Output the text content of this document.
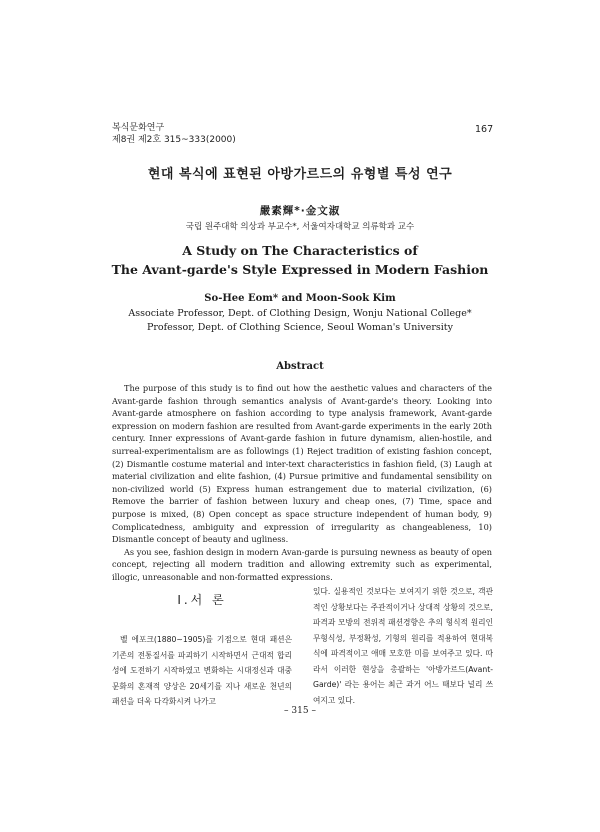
복식문화연구
제8권 제2호 315~333(2000)
167
현대 복식에 표현된 아방가르드의 유형별 특성 연구
嚴素輝*·金文淑
국립 원주대학 의상과 부교수*, 서울여자대학교 의류학과 교수
A Study on The Characteristics of
The Avant-garde's Style Expressed in Modern Fashion
So-Hee Eom* and Moon-Sook Kim
Associate Professor, Dept. of Clothing Design, Wonju National College*
Professor, Dept. of Clothing Science, Seoul Woman's University
Abstract

The purpose of this study is to find out how the aesthetic values and characters of the Avant-garde fashion through semantics analysis of Avant-garde's theory. Looking into Avant-garde atmosphere on fashion according to type analysis framework, Avant-garde expression on modern fashion are resulted from Avant-garde experiments in the early 20th century. Inner expressions of Avant-garde fashion in future dynamism, alien-hostile, and surreal-experimentalism are as followings (1) Reject tradition of existing fashion concept, (2) Dismantle costume material and inter-text characteristics in fashion field, (3) Laugh at material civilization and elite fashion, (4) Pursue primitive and fundamental sensibility on non-civilized world (5) Express human estrangement due to material civilization, (6) Remove the barrier of fashion between luxury and cheap ones, (7) Time, space and purpose is mixed, (8) Open concept as space structure independent of human body, 9) Complicatedness, ambiguity and expression of irregularity as changeableness, 10) Dismantle concept of beauty and ugliness.

As you see, fashion design in modern Avan-garde is pursuing newness as beauty of open concept, rejecting all modern tradition and allowing extremity such as experimental, illogic, unreasonable and non-formatted expressions.

Ⅰ.서 론

벨 에포크(1880~1905)를 기점으로 현대 패션은 기존의 전통질서를 파괴하기 시작하면서 근대적 합리성에 도전하기 시작하였고 변화하는 시대정신과 대중문화의 혼재적 양상은 20세기를 지나 새로운 천년의 패션을 더욱 다각화시켜 나가고

있다. 실용적인 것보다는 보여지기 위한 것으로, 객관적인 상황보다는 주관적이거나 상대적 상황의 것으로, 파격과 모방의 전위적 패션경향은 추의 형식적 원리인 무형식성, 부정확성, 기형의 원리를 적용하여 현대복식에 파격적이고 애매 모호한 미를 보여주고 있다. 따라서 이러한 현상을 총괄하는 '아방가르드(Avant-Garde)' 라는 용어는 최근 과거 어느 때보다 널리 쓰여지고 있다.

– 315 –
